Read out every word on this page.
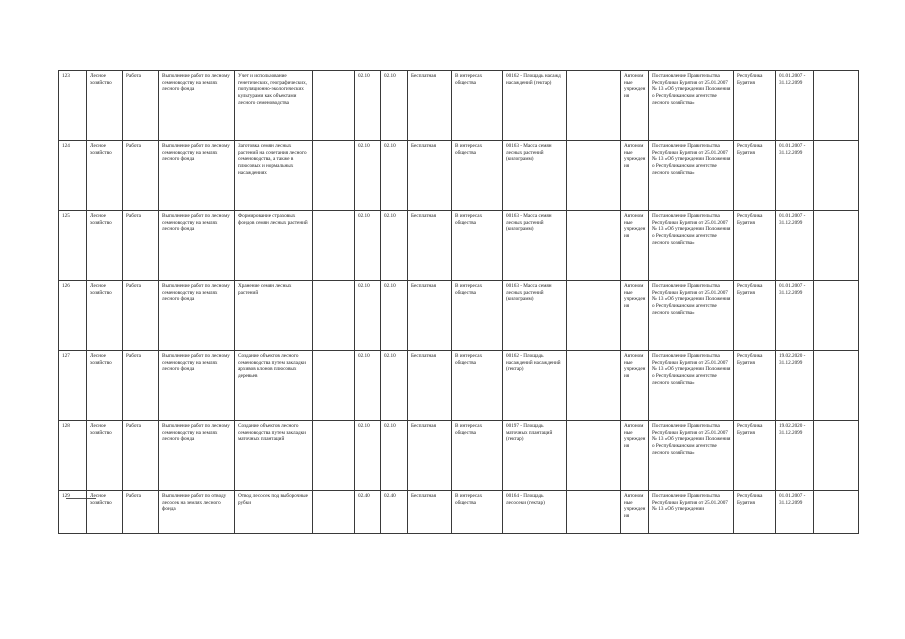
123	Лесное хозяйство	Работа	Выполнение работ по лесному семеноводству на землях лесного фонда	Учет и использование генетических, географических, популяционно-экологических культурами как объектами лесного семеноводства		02.10	02.10	Бесплатная	В интересах общества	00162 - Площадь насажд насаждений (гектар)		Автономные учреждения	Постановление Правительства Республики Бурятия от 25.01.2007 № 13 «Об утверждении Положения о Республиканском агентстве лесного хозяйства»	Республика Бурятия	01.01.2007 - 31.12.2099	
124	Лесное хозяйство	Работа	Выполнение работ по лесному семеноводству на землях лесного фонда	Заготовка семян лесных растений на сочетания лесного семеноводства, а также в плюсовых и нормальных насаждениях		02.10	02.10	Бесплатная	В интересах общества	00163 - Масса семян лесных растений (килограмм)		Автономные учреждения	Постановление Правительства Республики Бурятия от 25.01.2007 № 13 «Об утверждении Положения о Республиканском агентстве лесного хозяйства»	Республика Бурятия	01.01.2007 - 31.12.2099	
125	Лесное хозяйство	Работа	Выполнение работ по лесному семеноводству на землях лесного фонда	Формирование страховых фондов семян лесных растений		02.10	02.10	Бесплатная	В интересах общества	00163 - Масса семян лесных растений (килограмм)		Автономные учреждения	Постановление Правительства Республики Бурятия от 25.01.2007 № 13 «Об утверждении Положения о Республиканском агентстве лесного хозяйства»	Республика Бурятия	01.01.2007 - 31.12.2099	
126	Лесное хозяйство	Работа	Выполнение работ по лесному семеноводству на землях лесного фонда	Хранение семян лесных растений		02.10	02.10	Бесплатная	В интересах общества	00163 - Масса семян лесных растений (килограмм)		Автономные учреждения	Постановление Правительства Республики Бурятия от 25.01.2007 № 13 «Об утверждении Положения о Республиканском агентстве лесного хозяйства»	Республика Бурятия	01.01.2007 - 31.12.2099	
127	Лесное хозяйство	Работа	Выполнение работ по лесному семеноводству на землях лесного фонда	Создание объектов лесного семеноводства путем закладки архивов клонов плюсовых деревьев		02.10	02.10	Бесплатная	В интересах общества	00162 - Площадь насаждений насаждений (гектар)		Автономные учреждения	Постановление Правительства Республики Бурятия от 25.01.2007 № 13 «Об утверждении Положения о Республиканском агентстве лесного хозяйства»	Республика Бурятия	19.02.2020 - 31.12.2099	
128	Лесное хозяйство	Работа	Выполнение работ по лесному семеноводству на землях лесного фонда	Создание объектов лесного семеноводства путем закладки маточных плантаций		02.10	02.10	Бесплатная	В интересах общества	00197 - Площадь маточных плантаций (гектар)		Автономные учреждения	Постановление Правительства Республики Бурятия от 25.01.2007 № 13 «Об утверждении Положения о Республиканском агентстве лесного хозяйства»	Республика Бурятия	19.02.2020 - 31.12.2099	
129	Лесное хозяйство	Работа	Выполнение работ по отводу лесосек на землях лесного фонда	Отвод лесосек под выборочные рубки		02.40	02.40	Бесплатная	В интересах общества	00164 - Площадь лесосеки (гектар)		Автономные учреждения	Постановление Правительства Республики Бурятия от 25.01.2007 № 13 «Об утверждении	Республика Бурятия	01.01.2007 - 31.12.2099	
